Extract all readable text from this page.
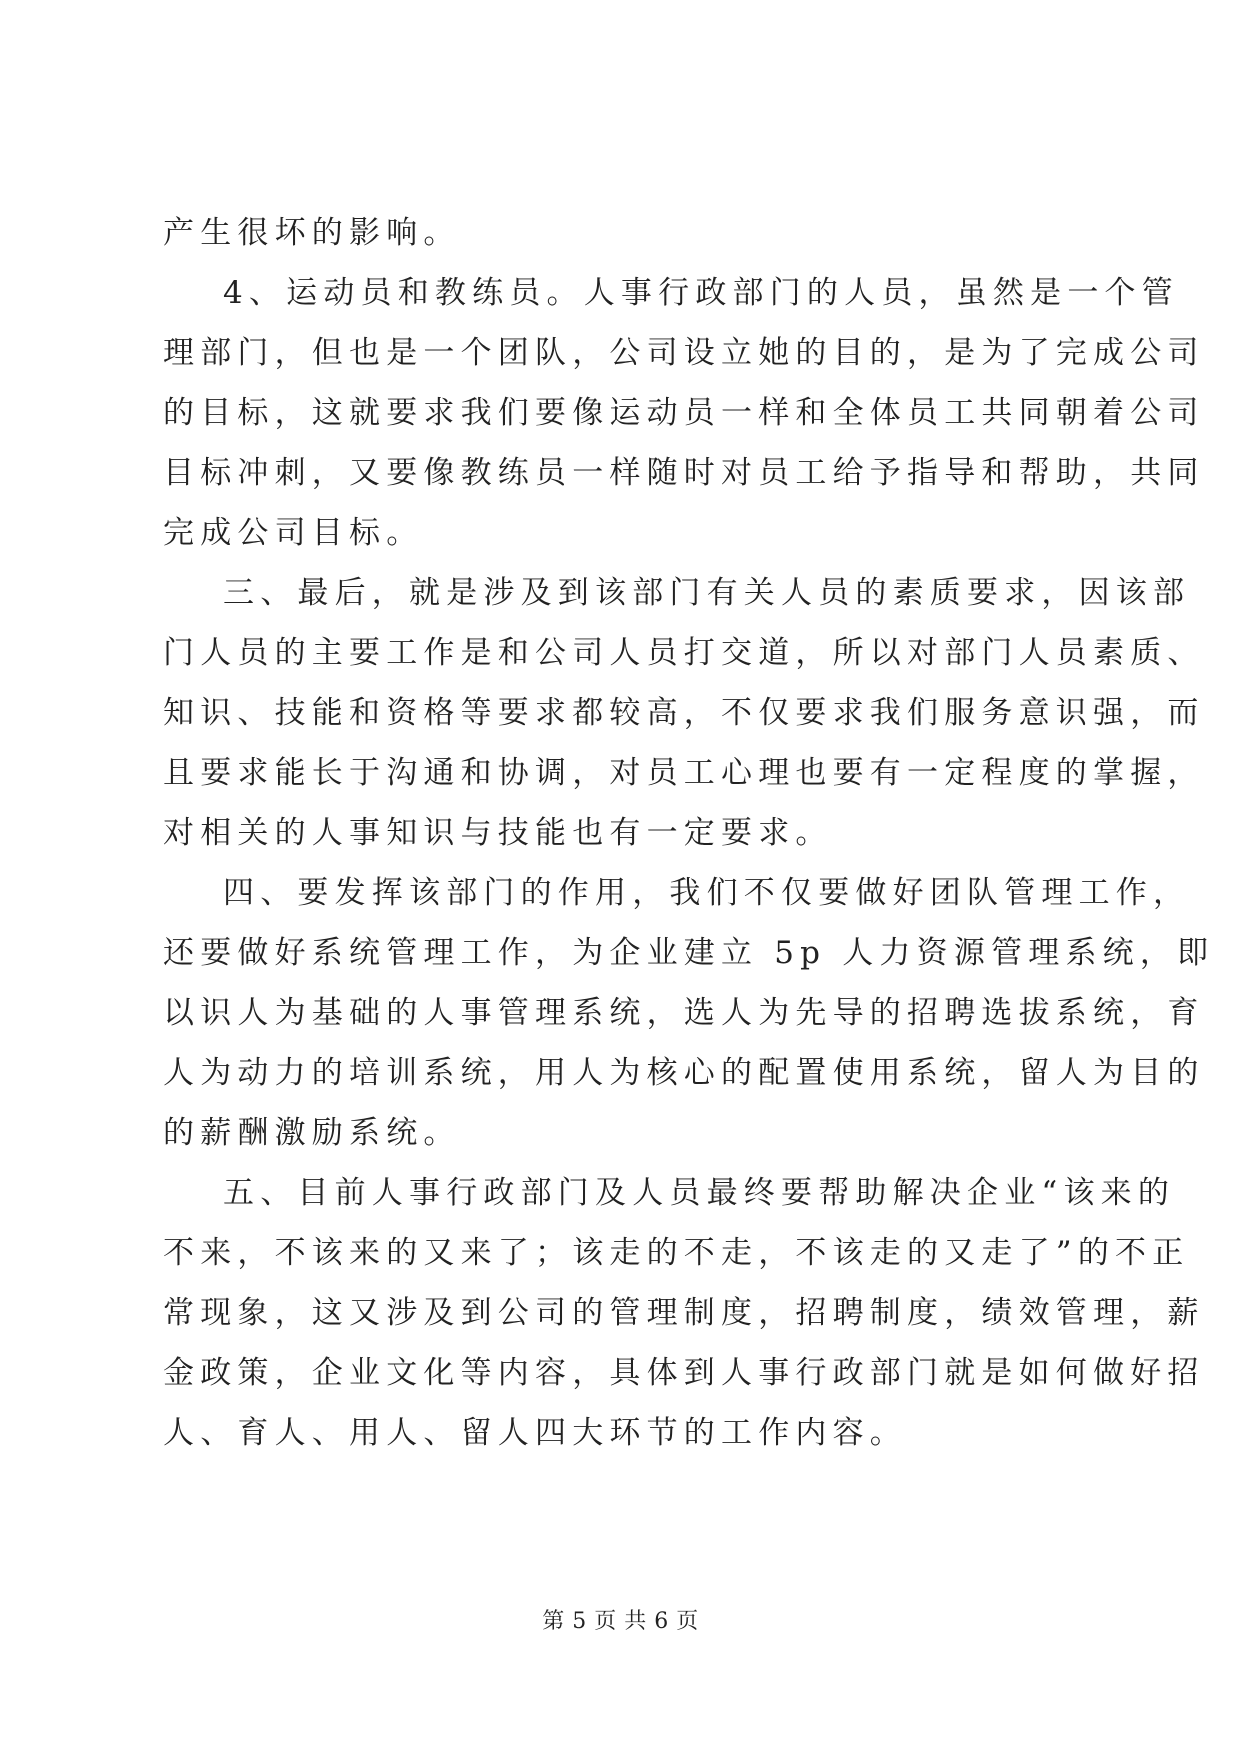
产生很坏的影响。
4、运动员和教练员。人事行政部门的人员，虽然是一个管
理部门，但也是一个团队，公司设立她的目的，是为了完成公司
的目标，这就要求我们要像运动员一样和全体员工共同朝着公司
目标冲刺，又要像教练员一样随时对员工给予指导和帮助，共同
完成公司目标。
三、最后，就是涉及到该部门有关人员的素质要求，因该部
门人员的主要工作是和公司人员打交道，所以对部门人员素质、
知识、技能和资格等要求都较高，不仅要求我们服务意识强，而
且要求能长于沟通和协调，对员工心理也要有一定程度的掌握，
对相关的人事知识与技能也有一定要求。
四、要发挥该部门的作用，我们不仅要做好团队管理工作，
还要做好系统管理工作，为企业建立 5p 人力资源管理系统，即
以识人为基础的人事管理系统，选人为先导的招聘选拔系统，育
人为动力的培训系统，用人为核心的配置使用系统，留人为目的
的薪酬激励系统。
五、目前人事行政部门及人员最终要帮助解决企业“该来的
不来，不该来的又来了；该走的不走，不该走的又走了”的不正
常现象，这又涉及到公司的管理制度，招聘制度，绩效管理，薪
金政策，企业文化等内容，具体到人事行政部门就是如何做好招
人、育人、用人、留人四大环节的工作内容。
第 5 页 共 6 页
